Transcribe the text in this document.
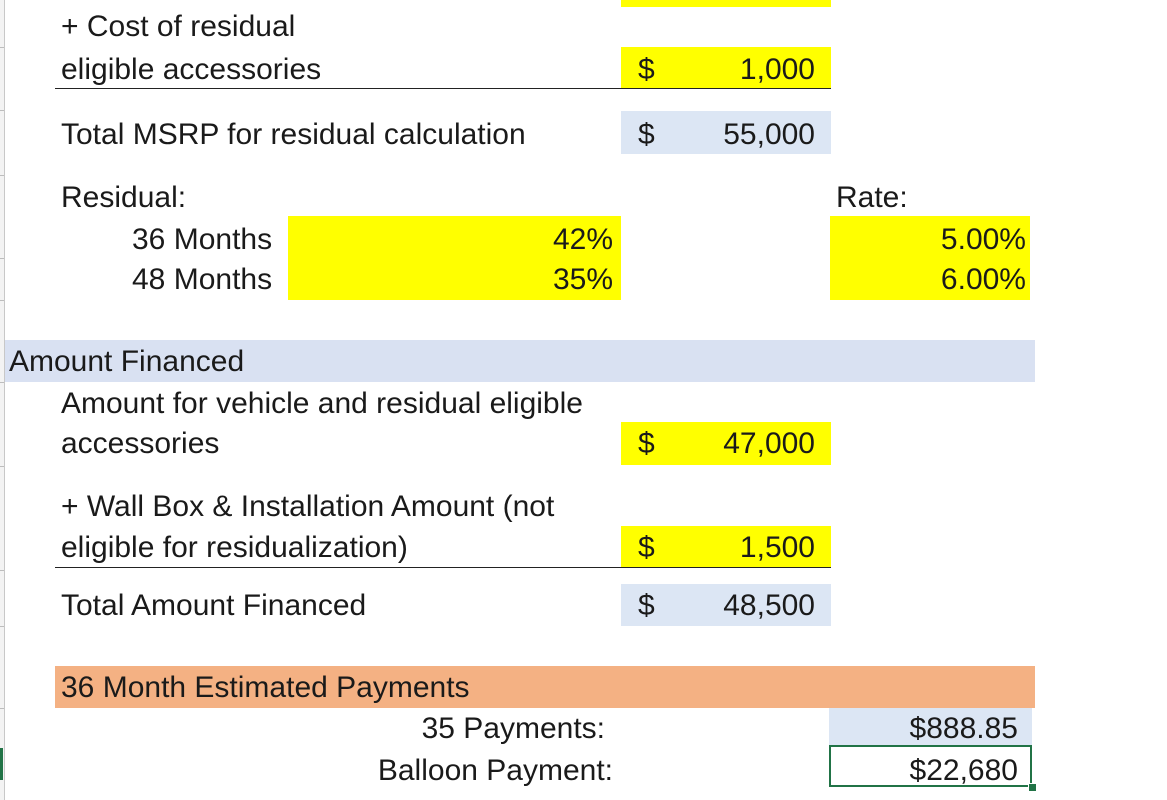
+ Cost of residual
eligible accessories	$	1,000
Total MSRP for residual calculation	$	55,000
Residual:	Rate:
36 Months	42%	5.00%
48 Months	35%	6.00%
Amount Financed
Amount for vehicle and residual eligible
accessories	$	47,000
+ Wall Box & Installation Amount (not
eligible for residualization)	$	1,500
Total Amount Financed	$	48,500
36 Month Estimated Payments
35 Payments:	$888.85
Balloon Payment:	$22,680
